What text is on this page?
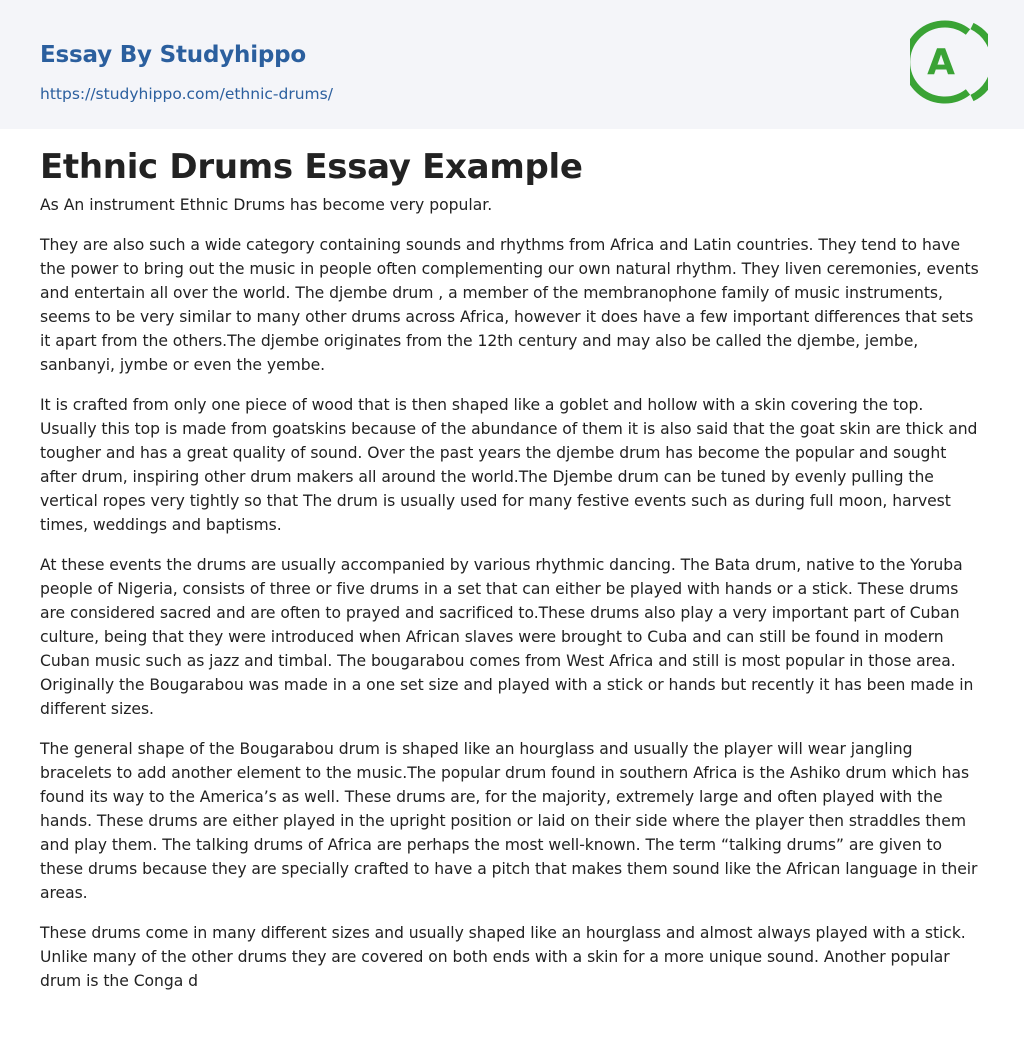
Essay By Studyhippo
https://studyhippo.com/ethnic-drums/
A
Ethnic Drums Essay Example

As An instrument Ethnic Drums has become very popular.

They are also such a wide category containing sounds and rhythms from Africa and Latin countries. They tend to have the power to bring out the music in people often complementing our own natural rhythm. They liven ceremonies, events and entertain all over the world. The djembe drum , a member of the membranophone family of music instruments, seems to be very similar to many other drums across Africa, however it does have a few important differences that sets it apart from the others.The djembe originates from the 12th century and may also be called the djembe, jembe, sanbanyi, jymbe or even the yembe.

It is crafted from only one piece of wood that is then shaped like a goblet and hollow with a skin covering the top. Usually this top is made from goatskins because of the abundance of them it is also said that the goat skin are thick and tougher and has a great quality of sound. Over the past years the djembe drum has become the popular and sought after drum, inspiring other drum makers all around the world.The Djembe drum can be tuned by evenly pulling the vertical ropes very tightly so that The drum is usually used for many festive events such as during full moon, harvest times, weddings and baptisms.

At these events the drums are usually accompanied by various rhythmic dancing. The Bata drum, native to the Yoruba people of Nigeria, consists of three or five drums in a set that can either be played with hands or a stick. These drums are considered sacred and are often to prayed and sacrificed to.These drums also play a very important part of Cuban culture, being that they were introduced when African slaves were brought to Cuba and can still be found in modern Cuban music such as jazz and timbal. The bougarabou comes from West Africa and still is most popular in those area. Originally the Bougarabou was made in a one set size and played with a stick or hands but recently it has been made in different sizes.

The general shape of the Bougarabou drum is shaped like an hourglass and usually the player will wear jangling bracelets to add another element to the music.The popular drum found in southern Africa is the Ashiko drum which has found its way to the America’s as well. These drums are, for the majority, extremely large and often played with the hands. These drums are either played in the upright position or laid on their side where the player then straddles them and play them. The talking drums of Africa are perhaps the most well-known. The term “talking drums” are given to these drums because they are specially crafted to have a pitch that makes them sound like the African language in their areas.

These drums come in many different sizes and usually shaped like an hourglass and almost always played with a stick. Unlike many of the other drums they are covered on both ends with a skin for a more unique sound. Another popular drum is the Conga d
